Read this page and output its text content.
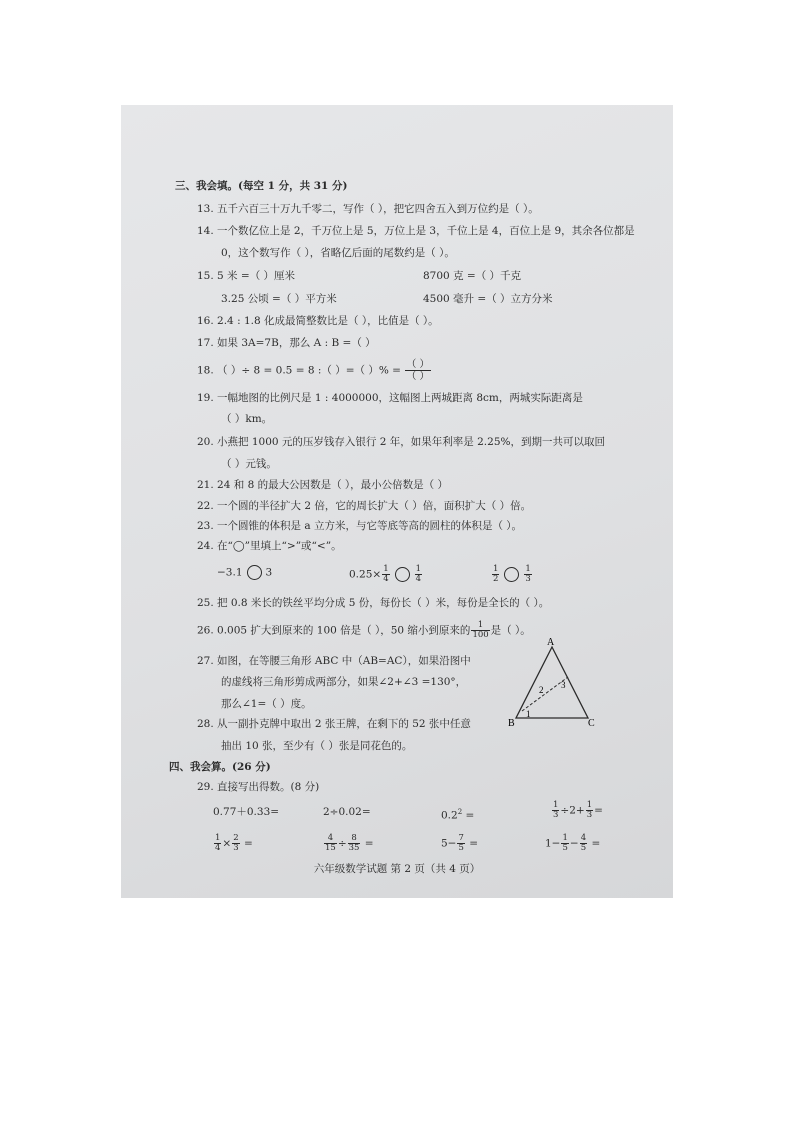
三、我会填。(每空 1 分，共 31 分)
13. 五千六百三十万九千零二，写作（ ），把它四舍五入到万位约是（ ）。
14. 一个数亿位上是 2，千万位上是 5，万位上是 3，千位上是 4，百位上是 9，其余各位都是
0，这个数写作（ ），省略亿后面的尾数约是（ ）。
15. 5 米 =（ ）厘米	8700 克 =（ ）千克
3.25 公顷 =（ ）平方米	4500 毫升 =（ ）立方分米
16. 2.4 : 1.8 化成最简整数比是（ ），比值是（ ）。
17. 如果 3A=7B，那么 A : B =（ ）
18. （ ）÷ 8 = 0.5 = 8 :（ ）=（ ）% = $\frac{( )}{( )}$
19. 一幅地图的比例尺是 1 : 4000000，这幅图上两城距离 8cm，两城实际距离是
（ ）km。
20. 小燕把 1000 元的压岁钱存入银行 2 年，如果年利率是 2.25%，到期一共可以取回
（ ）元钱。
21. 24 和 8 的最大公因数是（ ），最小公倍数是（ ）
22. 一个圆的半径扩大 2 倍，它的周长扩大（ ）倍，面积扩大（ ）倍。
23. 一个圆锥的体积是 a 立方米，与它等底等高的圆柱的体积是（ ）。
24. 在“◯”里填上“>”或“<”。
−3.1 3	$0.25\times \frac{1}{4}$	$\frac{1}{4}$	$\frac{1}{2}$	$\frac{1}{3}$
25. 把 0.8 米长的铁丝平均分成 5 份，每份长（ ）米，每份是全长的（ ）。
26. 0.005 扩大到原来的 100 倍是（ ），50 缩小到原来的 $\frac{1}{100}$ 是（ ）。
27. 如图，在等腰三角形 ABC 中（AB=AC），如果沿图中
的虚线将三角形剪成两部分，如果∠2+∠3 =130°，
那么∠1=（ ）度。
A
B	C
1
2 3
28. 从一副扑克牌中取出 2 张王牌，在剩下的 52 张中任意
抽出 10 张，至少有（ ）张是同花色的。
四、我会算。(26 分)
29. 直接写出得数。(8 分)
0.77＋0.33=	2÷0.02=	$0.2^2$ =	$\frac{1}{3} \div 2+ \frac{1}{3}$ =
$\frac{1}{4} \times \frac{2}{3}$ =	$\frac{4}{15} \div \frac{8}{35}$ =	$5- \frac{7}{5}$ =	$1- \frac{1}{5} - \frac{4}{5}$ =
六年级数学试题 第 2 页（共 4 页）
